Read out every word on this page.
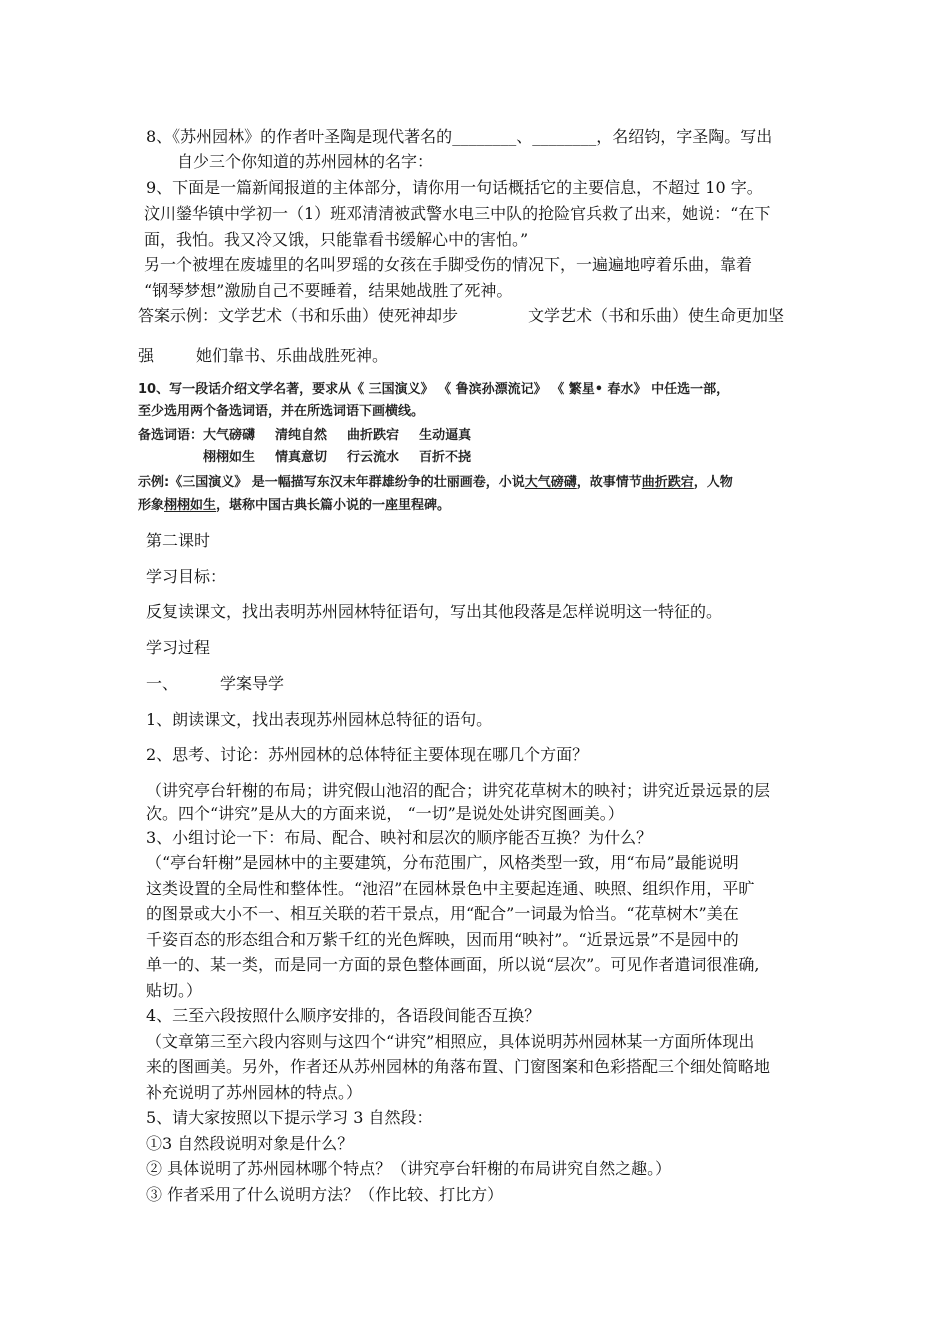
8、《苏州园林》的作者叶圣陶是现代著名的________、________，名绍钧，字圣陶。写出
自少三个你知道的苏州园林的名字：
9、下面是一篇新闻报道的主体部分，请你用一句话概括它的主要信息，不超过 10 字。
汶川鎣华镇中学初一（1）班邓清清被武警水电三中队的抢险官兵救了出来，她说：“在下
面，我怕。我又冷又饿，只能靠看书缓解心中的害怕。”
另一个被埋在废墟里的名叫罗瑶的女孩在手脚受伤的情况下，一遍遍地哼着乐曲，靠着
“钢琴梦想”激励自己不要睡着，结果她战胜了死神。
答案示例：文学艺术（书和乐曲）使死神却步	文学艺术（书和乐曲）使生命更加坚
强	她们靠书、乐曲战胜死神。
10、写一段话介绍文学名著，要求从《 三国演义》 《 鲁滨孙漂流记》 《 繁星• 春水》 中任选一部，
至少选用两个备选词语，并在所选词语下画横线。
备选词语：大气磅礴 清纯自然 曲折跌宕 生动逼真
栩栩如生 情真意切 行云流水 百折不挠
示例:《三国演义》 是一幅描写东汉末年群雄纷争的壮丽画卷，小说大气磅礴，故事情节曲折跌宕，人物
形象栩栩如生，堪称中国古典长篇小说的一座里程碑。
第二课时
学习目标：
反复读课文，找出表明苏州园林特征语句，写出其他段落是怎样说明这一特征的。
学习过程
一、	学案导学
1、朗读课文，找出表现苏州园林总特征的语句。
2、思考、讨论：苏州园林的总体特征主要体现在哪几个方面？
（讲究亭台轩榭的布局；讲究假山池沼的配合；讲究花草树木的映衬；讲究近景远景的层
次。四个“讲究”是从大的方面来说， “一切”是说处处讲究图画美。）
3、小组讨论一下：布局、配合、映衬和层次的顺序能否互换？为什么？
（“亭台轩榭”是园林中的主要建筑，分布范围广，风格类型一致，用“布局”最能说明
这类设置的全局性和整体性。“池沼”在园林景色中主要起连通、映照、组织作用，平旷
的图景或大小不一、相互关联的若干景点，用“配合”一词最为恰当。“花草树木”美在
千姿百态的形态组合和万紫千红的光色辉映，因而用“映衬”。“近景远景”不是园中的
单一的、某一类，而是同一方面的景色整体画面，所以说“层次”。可见作者遣词很准确,
贴切。）
4、三至六段按照什么顺序安排的，各语段间能否互换？
（文章第三至六段内容则与这四个“讲究”相照应，具体说明苏州园林某一方面所体现出
来的图画美。另外，作者还从苏州园林的角落布置、门窗图案和色彩搭配三个细处简略地
补充说明了苏州园林的特点。）
5、请大家按照以下提示学习 3 自然段：
①3 自然段说明对象是什么？
② 具体说明了苏州园林哪个特点？（讲究亭台轩榭的布局讲究自然之趣。）
③ 作者采用了什么说明方法？（作比较、打比方）
